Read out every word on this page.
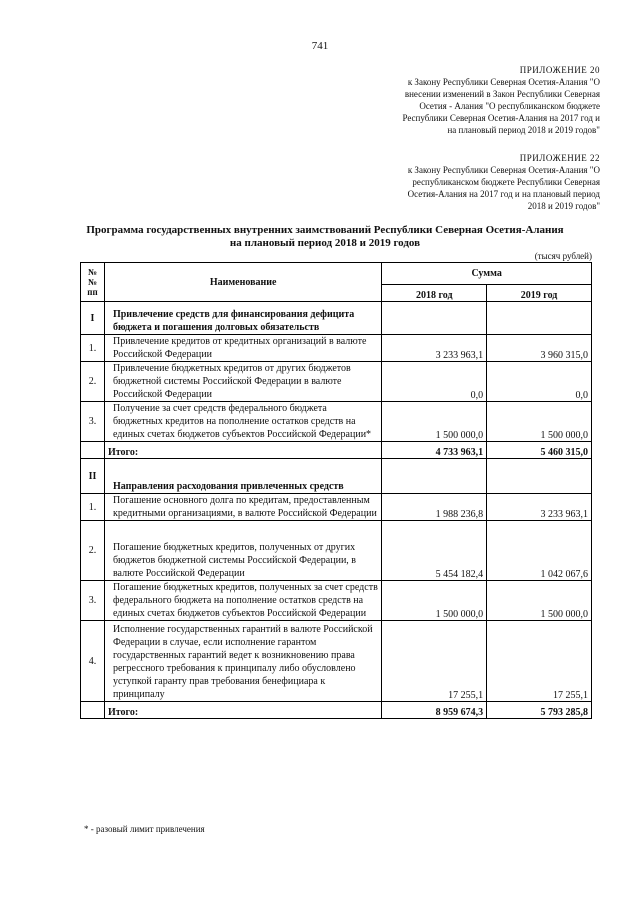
741
ПРИЛОЖЕНИЕ 20
к Закону Республики Северная Осетия-Алания "О
внесении изменений в Закон Республики Северная
Осетия - Алания "О республиканском бюджете
Республики Северная Осетия-Алания на 2017 год и
на плановый период 2018 и 2019 годов"
ПРИЛОЖЕНИЕ 22
к Закону Республики Северная Осетия-Алания "О
республиканском бюджете Республики Северная
Осетия-Алания на 2017 год и на плановый период
2018 и 2019 годов"
Программа государственных внутренних заимствований Республики Северная Осетия-Алания
на плановый период 2018 и 2019 годов
(тысяч рублей)
№№ пп	Наименование	Сумма	
		2018 год	2019 год
I	Привлечение средств для финансирования дефицита бюджета и погашения долговых обязательств		
1.	Привлечение кредитов от кредитных организаций в валюте Российской Федерации	3 233 963,1	3 960 315,0
2.	Привлечение бюджетных кредитов от других бюджетов бюджетной системы Российской Федерации в валюте Российской Федерации	0,0	0,0
3.	Получение за счет средств федерального бюджета бюджетных кредитов на пополнение остатков средств на единых счетах бюджетов субъектов Российской Федерации*	1 500 000,0	1 500 000,0
	Итого:	4 733 963,1	5 460 315,0
II	Направления расходования привлеченных средств		
1.	Погашение основного долга по кредитам, предоставленным кредитными организациями, в валюте Российской Федерации	1 988 236,8	3 233 963,1
2.	Погашение бюджетных кредитов, полученных от других бюджетов бюджетной системы Российской Федерации, в валюте Российской Федерации	5 454 182,4	1 042 067,6
3.	Погашение бюджетных кредитов, полученных за счет средств федерального бюджета на пополнение остатков средств на единых счетах бюджетов субъектов Российской Федерации	1 500 000,0	1 500 000,0
4.	Исполнение государственных гарантий в валюте Российской Федерации в случае, если исполнение гарантом государственных гарантий ведет к возникновению права регрессного требования к принципалу либо обусловлено уступкой гаранту прав требования бенефициара к принципалу	17 255,1	17 255,1
	Итого:	8 959 674,3	5 793 285,8
* - разовый лимит привлечения
